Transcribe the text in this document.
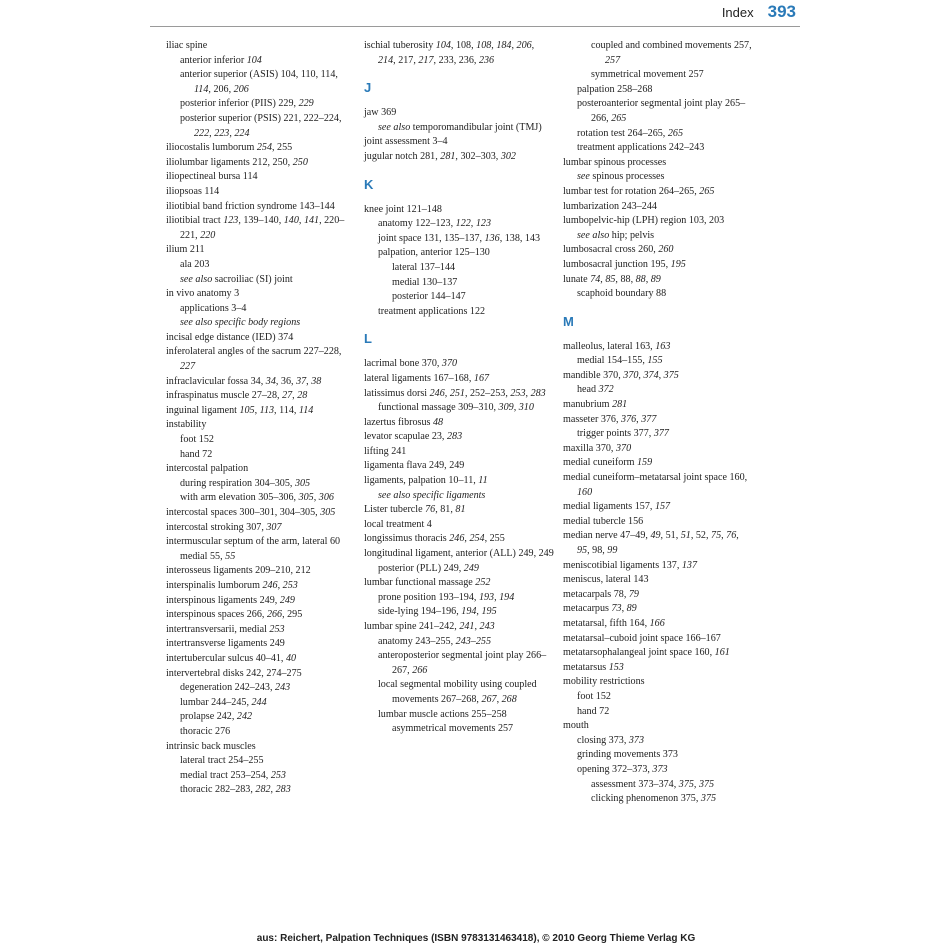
Index 393
iliac spine
anterior inferior 104
anterior superior (ASIS) 104, 110, 114, 114, 206, 206
posterior inferior (PIIS) 229, 229
posterior superior (PSIS) 221, 222–224, 222, 223, 224
iliocostalis lumborum 254, 255
iliolumbar ligaments 212, 250, 250
iliopectineal bursa 114
iliopsoas 114
iliotibial band friction syndrome 143–144
iliotibial tract 123, 139–140, 140, 141, 220–221, 220
ilium 211
ala 203
see also sacroiliac (SI) joint
in vivo anatomy 3
applications 3–4
see also specific body regions
incisal edge distance (IED) 374
inferolateral angles of the sacrum 227–228, 227
infraclavicular fossa 34, 34, 36, 37, 38
infraspinatus muscle 27–28, 27, 28
inguinal ligament 105, 113, 114, 114
instability
foot 152
hand 72
intercostal palpation
during respiration 304–305, 305
with arm elevation 305–306, 305, 306
intercostal spaces 300–301, 304–305, 305
intercostal stroking 307, 307
intermuscular septum of the arm, lateral 60
medial 55, 55
interosseus ligaments 209–210, 212
interspinalis lumborum 246, 253
interspinous ligaments 249, 249
interspinous spaces 266, 266, 295
intertransversarii, medial 253
intertransverse ligaments 249
intertubercular sulcus 40–41, 40
intervertebral disks 242, 274–275
degeneration 242–243, 243
lumbar 244–245, 244
prolapse 242, 242
thoracic 276
intrinsic back muscles
lateral tract 254–255
medial tract 253–254, 253
thoracic 282–283, 282, 283
ischial tuberosity 104, 108, 108, 184, 206, 214, 217, 217, 233, 236, 236
J
jaw 369
see also temporomandibular joint (TMJ)
joint assessment 3–4
jugular notch 281, 281, 302–303, 302
K
knee joint 121–148
anatomy 122–123, 122, 123
joint space 131, 135–137, 136, 138, 143
palpation, anterior 125–130
lateral 137–144
medial 130–137
posterior 144–147
treatment applications 122
L
lacrimal bone 370, 370
lateral ligaments 167–168, 167
latissimus dorsi 246, 251, 252–253, 253, 283
functional massage 309–310, 309, 310
lazertus fibrosus 48
levator scapulae 23, 283
lifting 241
ligamenta flava 249, 249
ligaments, palpation 10–11, 11
see also specific ligaments
Lister tubercle 76, 81, 81
local treatment 4
longissimus thoracis 246, 254, 255
longitudinal ligament, anterior (ALL) 249, 249
posterior (PLL) 249, 249
lumbar functional massage 252
prone position 193–194, 193, 194
side-lying 194–196, 194, 195
lumbar spine 241–242, 241, 243
anatomy 243–255, 243–255
anteroposterior segmental joint play 266–267, 266
local segmental mobility using coupled movements 267–268, 267, 268
lumbar muscle actions 255–258
asymmetrical movements 257
coupled and combined movements 257, 257
symmetrical movement 257
palpation 258–268
posteroanterior segmental joint play 265–266, 265
rotation test 264–265, 265
treatment applications 242–243
lumbar spinous processes
see spinous processes
lumbar test for rotation 264–265, 265
lumbarization 243–244
lumbopelvic-hip (LPH) region 103, 203
see also hip; pelvis
lumbosacral cross 260, 260
lumbosacral junction 195, 195
lunate 74, 85, 88, 88, 89
scaphoid boundary 88
M
malleolus, lateral 163, 163
medial 154–155, 155
mandible 370, 370, 374, 375
head 372
manubrium 281
masseter 376, 376, 377
trigger points 377, 377
maxilla 370, 370
medial cuneiform 159
medial cuneiform–metatarsal joint space 160, 160
medial ligaments 157, 157
medial tubercle 156
median nerve 47–49, 49, 51, 51, 52, 75, 76, 95, 98, 99
meniscotibial ligaments 137, 137
meniscus, lateral 143
metacarpals 78, 79
metacarpus 73, 89
metatarsal, fifth 164, 166
metatarsal–cuboid joint space 166–167
metatarsophalangeal joint space 160, 161
metatarsus 153
mobility restrictions
foot 152
hand 72
mouth
closing 373, 373
grinding movements 373
opening 372–373, 373
assessment 373–374, 375, 375
clicking phenomenon 375, 375
aus: Reichert, Palpation Techniques (ISBN 9783131463418), © 2010 Georg Thieme Verlag KG
